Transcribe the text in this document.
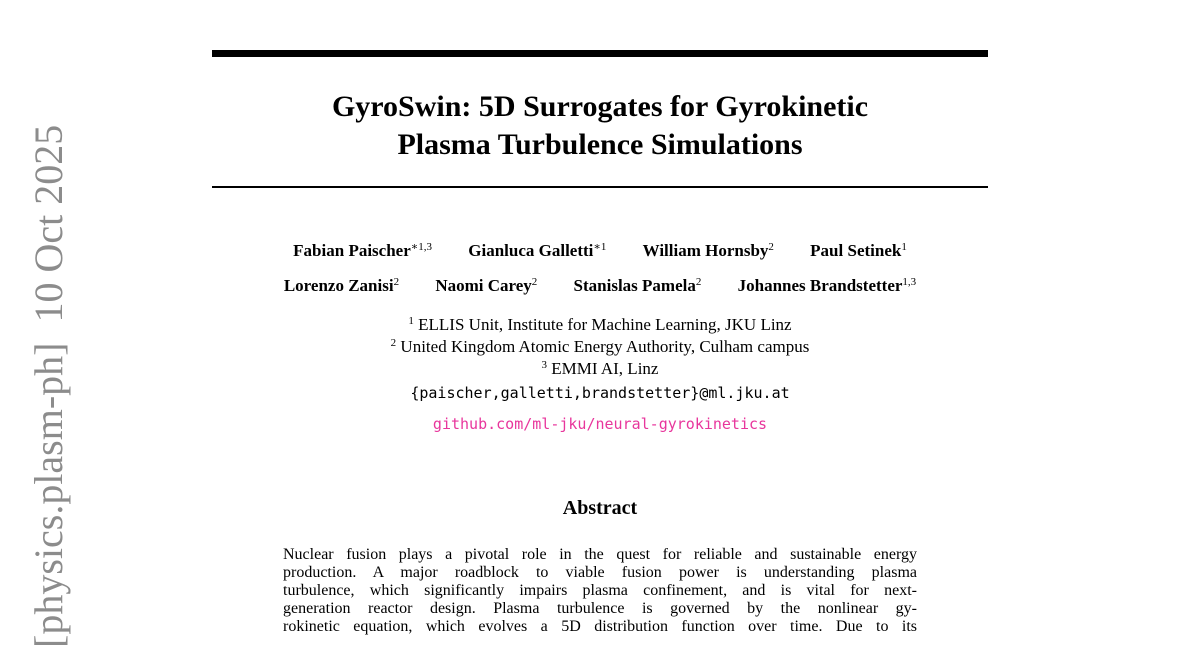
[physics.plasm-ph]  10 Oct 2025
GyroSwin: 5D Surrogates for Gyrokinetic
Plasma Turbulence Simulations
Fabian Paischer$^{∗1,3}$ Gianluca Galletti$^{∗1}$ William Hornsby$^2$ Paul Setinek$^1$
Lorenzo Zanisi$^2$ Naomi Carey$^2$ Stanislas Pamela$^2$ Johannes Brandstetter$^{1,3}$
$^1$ ELLIS Unit, Institute for Machine Learning, JKU Linz
$^2$ United Kingdom Atomic Energy Authority, Culham campus
$^3$ EMMI AI, Linz
{paischer,galletti,brandstetter}@ml.jku.at
github.com/ml-jku/neural-gyrokinetics
Abstract
Nuclear fusion plays a pivotal role in the quest for reliable and sustainable energy
production. A major roadblock to viable fusion power is understanding plasma
turbulence, which significantly impairs plasma confinement, and is vital for next-
generation reactor design. Plasma turbulence is governed by the nonlinear gy-
rokinetic equation, which evolves a 5D distribution function over time. Due to its
